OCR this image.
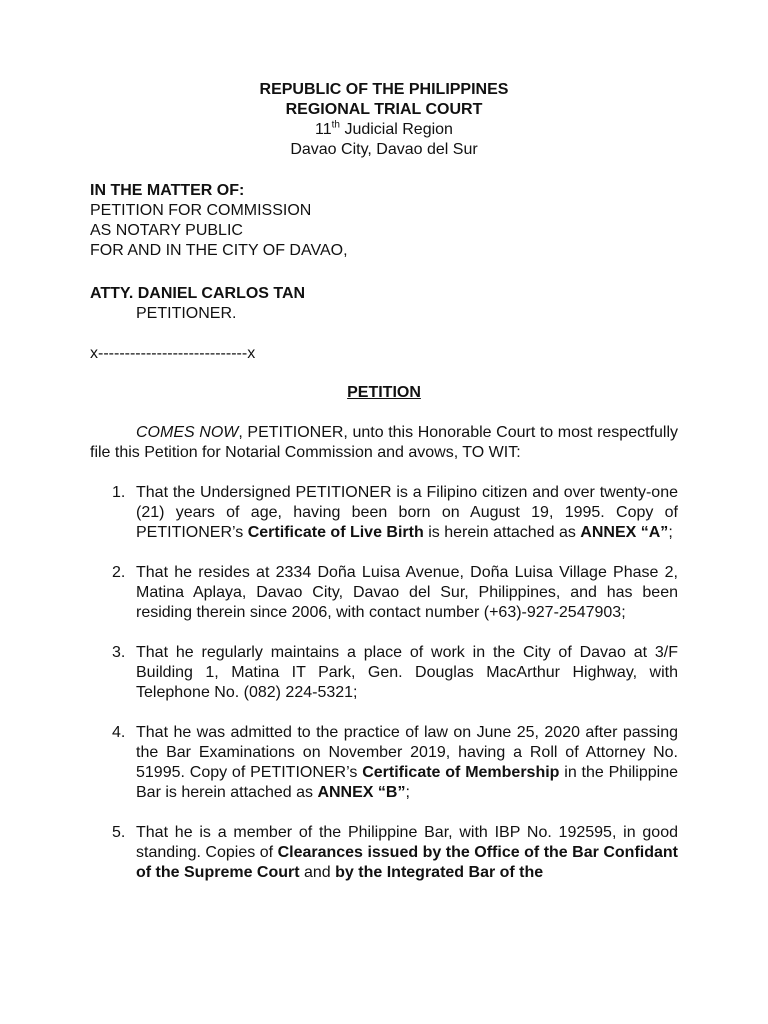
REPUBLIC OF THE PHILIPPINES
REGIONAL TRIAL COURT
11th Judicial Region
Davao City, Davao del Sur
IN THE MATTER OF:
PETITION FOR COMMISSION
AS NOTARY PUBLIC
FOR AND IN THE CITY OF DAVAO,
ATTY. DANIEL CARLOS TAN
PETITIONER.
x----------------------------x
PETITION

COMES NOW, PETITIONER, unto this Honorable Court to most respectfully file this Petition for Notarial Commission and avows, TO WIT:

1. That the Undersigned PETITIONER is a Filipino citizen and over twenty-one (21) years of age, having been born on August 19, 1995. Copy of PETITIONER’s Certificate of Live Birth is herein attached as ANNEX “A”;

2. That he resides at 2334 Doña Luisa Avenue, Doña Luisa Village Phase 2, Matina Aplaya, Davao City, Davao del Sur, Philippines, and has been residing therein since 2006, with contact number (+63)-927-2547903;

3. That he regularly maintains a place of work in the City of Davao at 3/F Building 1, Matina IT Park, Gen. Douglas MacArthur Highway, with Telephone No. (082) 224-5321;

4. That he was admitted to the practice of law on June 25, 2020 after passing the Bar Examinations on November 2019, having a Roll of Attorney No. 51995. Copy of PETITIONER’s Certificate of Membership in the Philippine Bar is herein attached as ANNEX “B”;

5. That he is a member of the Philippine Bar, with IBP No. 192595, in good standing. Copies of Clearances issued by the Office of the Bar Confidant of the Supreme Court and by the Integrated Bar of the
